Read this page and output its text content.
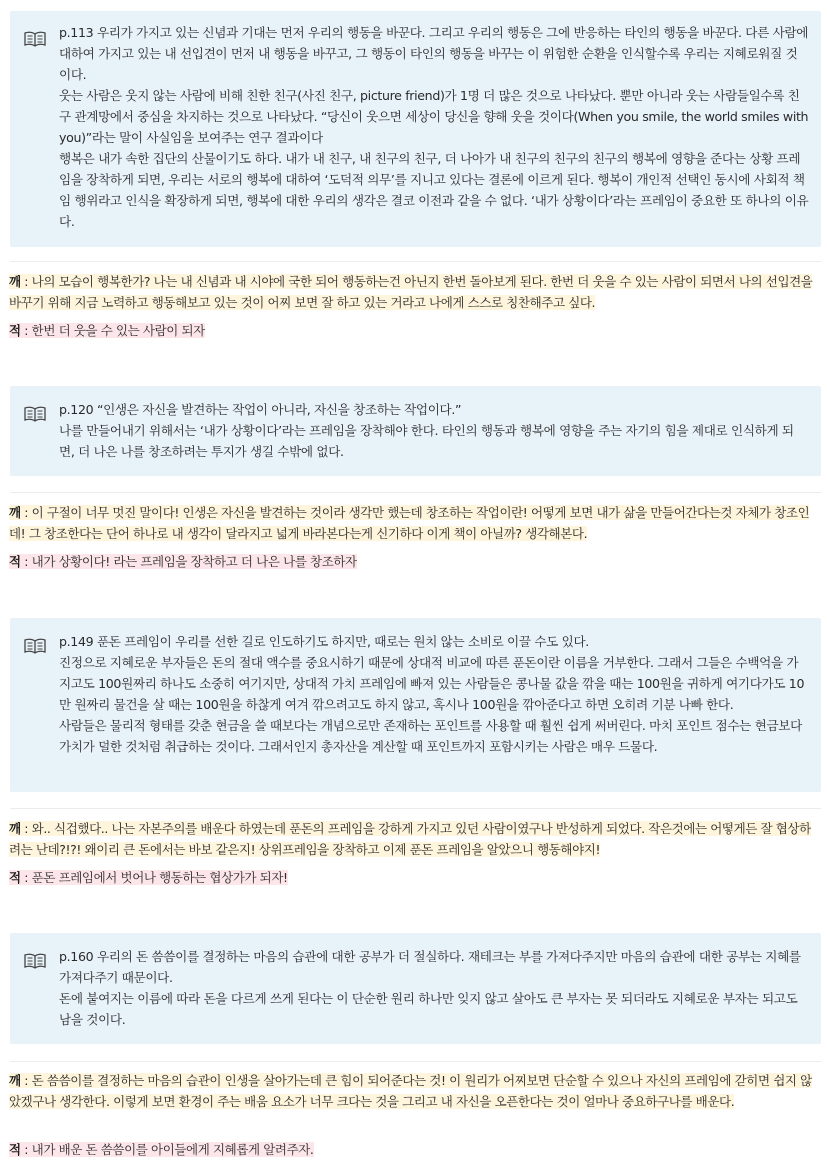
p.113 우리가 가지고 있는 신념과 기대는 먼저 우리의 행동을 바꾼다. 그리고 우리의 행동은 그에 반응하는 타인의 행동을 바꾼다. 다른 사람에 대하여 가지고 있는 내 선입견이 먼저 내 행동을 바꾸고, 그 행동이 타인의 행동을 바꾸는 이 위험한 순환을 인식할수록 우리는 지혜로워질 것이다.

웃는 사람은 웃지 않는 사람에 비해 친한 친구(사진 친구, picture friend)가 1명 더 많은 것으로 나타났다. 뿐만 아니라 웃는 사람들일수록 친구 관계망에서 중심을 차지하는 것으로 나타났다. “당신이 웃으면 세상이 당신을 향해 웃을 것이다(When you smile, the world smiles with you)”라는 말이 사실임을 보여주는 연구 결과이다

행복은 내가 속한 집단의 산물이기도 하다. 내가 내 친구, 내 친구의 친구, 더 나아가 내 친구의 친구의 친구의 행복에 영향을 준다는 상황 프레임을 장착하게 되면, 우리는 서로의 행복에 대하여 ‘도덕적 의무’를 지니고 있다는 결론에 이르게 된다. 행복이 개인적 선택인 동시에 사회적 책임 행위라고 인식을 확장하게 되면, 행복에 대한 우리의 생각은 결코 이전과 같을 수 없다. ‘내가 상황이다’라는 프레임이 중요한 또 하나의 이유다.

깨 : 나의 모습이 행복한가? 나는 내 신념과 내 시야에 국한 되어 행동하는건 아닌지 한번 돌아보게 된다. 한번 더 웃을 수 있는 사람이 되면서 나의 선입견을 바꾸기 위해 지금 노력하고 행동해보고 있는 것이 어찌 보면 잘 하고 있는 거라고 나에게 스스로 칭찬해주고 싶다.
적 : 한번 더 웃을 수 있는 사람이 되자

p.120 “인생은 자신을 발견하는 작업이 아니라, 자신을 창조하는 작업이다.”

나를 만들어내기 위해서는 ‘내가 상황이다’라는 프레임을 장착해야 한다. 타인의 행동과 행복에 영향을 주는 자기의 힘을 제대로 인식하게 되면, 더 나은 나를 창조하려는 투지가 생길 수밖에 없다.

깨 : 이 구절이 너무 멋진 말이다! 인생은 자신을 발견하는 것이라 생각만 했는데 창조하는 작업이란! 어떻게 보면 내가 삶을 만들어간다는것 자체가 창조인데! 그 창조한다는 단어 하나로 내 생각이 달라지고 넓게 바라본다는게 신기하다 이게 책이 아닐까? 생각해본다.
적 : 내가 상황이다! 라는 프레임을 장착하고 더 나은 나를 창조하자

p.149 푼돈 프레임이 우리를 선한 길로 인도하기도 하지만, 때로는 원치 않는 소비로 이끌 수도 있다.

진정으로 지혜로운 부자들은 돈의 절대 액수를 중요시하기 때문에 상대적 비교에 따른 푼돈이란 이름을 거부한다. 그래서 그들은 수백억을 가지고도 100원짜리 하나도 소중히 여기지만, 상대적 가치 프레임에 빠져 있는 사람들은 콩나물 값을 깎을 때는 100원을 귀하게 여기다가도 10만 원짜리 물건을 살 때는 100원을 하찮게 여겨 깎으려고도 하지 않고, 혹시나 100원을 깎아준다고 하면 오히려 기분 나빠 한다.

사람들은 물리적 형태를 갖춘 현금을 쓸 때보다는 개념으로만 존재하는 포인트를 사용할 때 훨씬 쉽게 써버린다. 마치 포인트 점수는 현금보다 가치가 덜한 것처럼 취급하는 것이다. 그래서인지 총자산을 계산할 때 포인트까지 포함시키는 사람은 매우 드물다.

깨 : 와.. 식겁했다.. 나는 자본주의를 배운다 하였는데 푼돈의 프레임을 강하게 가지고 있던 사람이였구나 반성하게 되었다. 작은것에는 어떻게든 잘 협상하려는 난데?!?! 왜이리 큰 돈에서는 바보 같은지! 상위프레임을 장착하고 이제 푼돈 프레임을 알았으니 행동해야지!
적 : 푼돈 프레임에서 벗어나 행동하는 협상가가 되자!

p.160 우리의 돈 씀씀이를 결정하는 마음의 습관에 대한 공부가 더 절실하다. 재테크는 부를 가져다주지만 마음의 습관에 대한 공부는 지혜를 가져다주기 때문이다.

돈에 붙여지는 이름에 따라 돈을 다르게 쓰게 된다는 이 단순한 원리 하나만 잊지 않고 살아도 큰 부자는 못 되더라도 지혜로운 부자는 되고도 남을 것이다.

깨 : 돈 씀씀이를 결정하는 마음의 습관이 인생을 살아가는데 큰 힘이 되어준다는 것! 이 원리가 어찌보면 단순할 수 있으나 자신의 프레임에 갇히면 쉽지 않았겠구나 생각한다. 이렇게 보면 환경이 주는 배움 요소가 너무 크다는 것을 그리고 내 자신을 오픈한다는 것이 얼마나 중요하구나를 배운다.
적 : 내가 배운 돈 씀씀이를 아이들에게 지혜롭게 알려주자.
